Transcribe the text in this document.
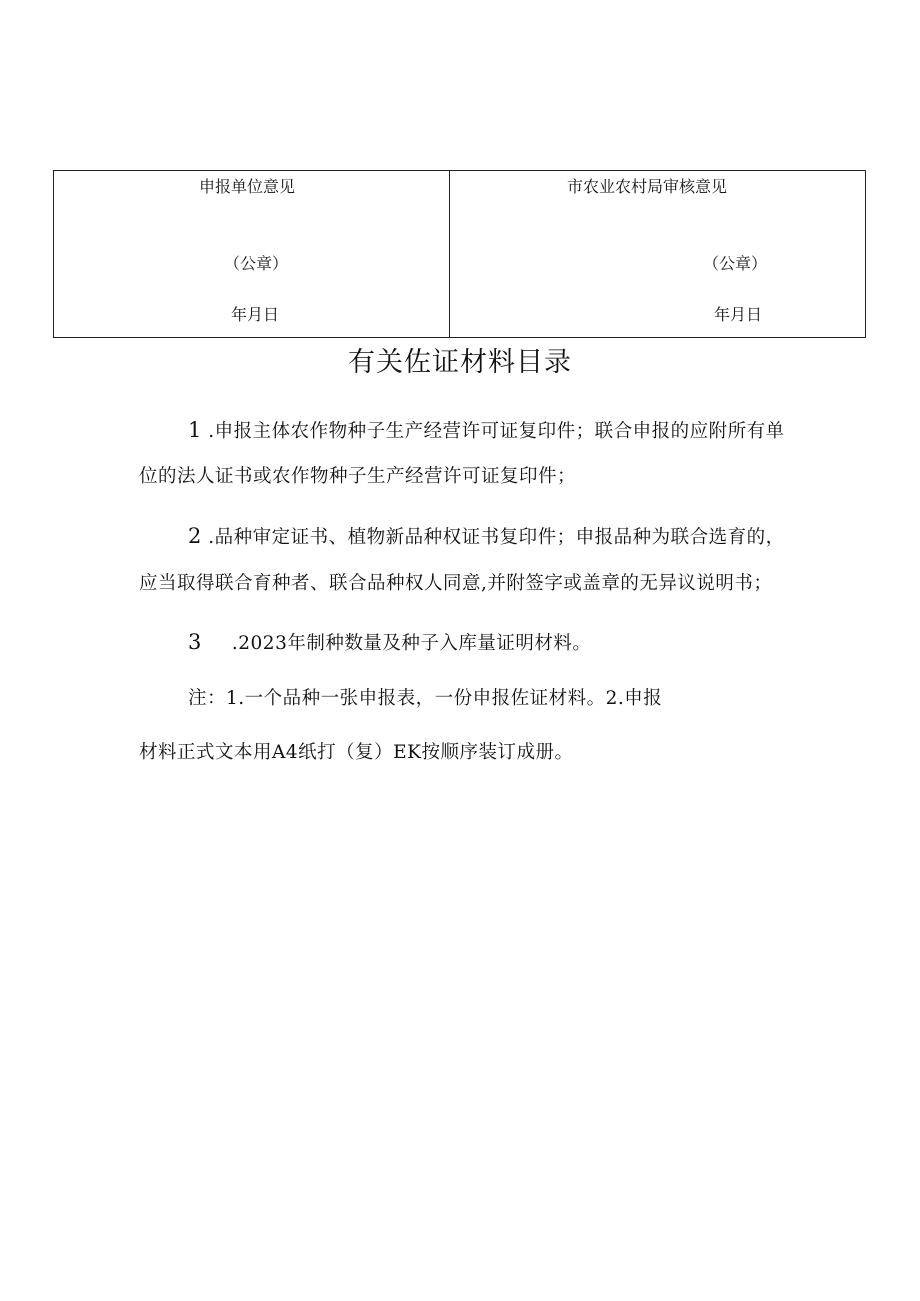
申报单位意见
（公章）
年月日
市农业农村局审核意见
（公章）
年月日
有关佐证材料目录
1 .申报主体农作物种子生产经营许可证复印件；联合申报的应附所有单
位的法人证书或农作物种子生产经营许可证复印件；
2 .品种审定证书、植物新品种权证书复印件；申报品种为联合选育的，
应当取得联合育种者、联合品种权人同意,并附签字或盖章的无异议说明书；
3 .2023年制种数量及种子入库量证明材料。
注：1.一个品种一张申报表，一份申报佐证材料。2.申报
材料正式文本用A4纸打（复）EK按顺序装订成册。
